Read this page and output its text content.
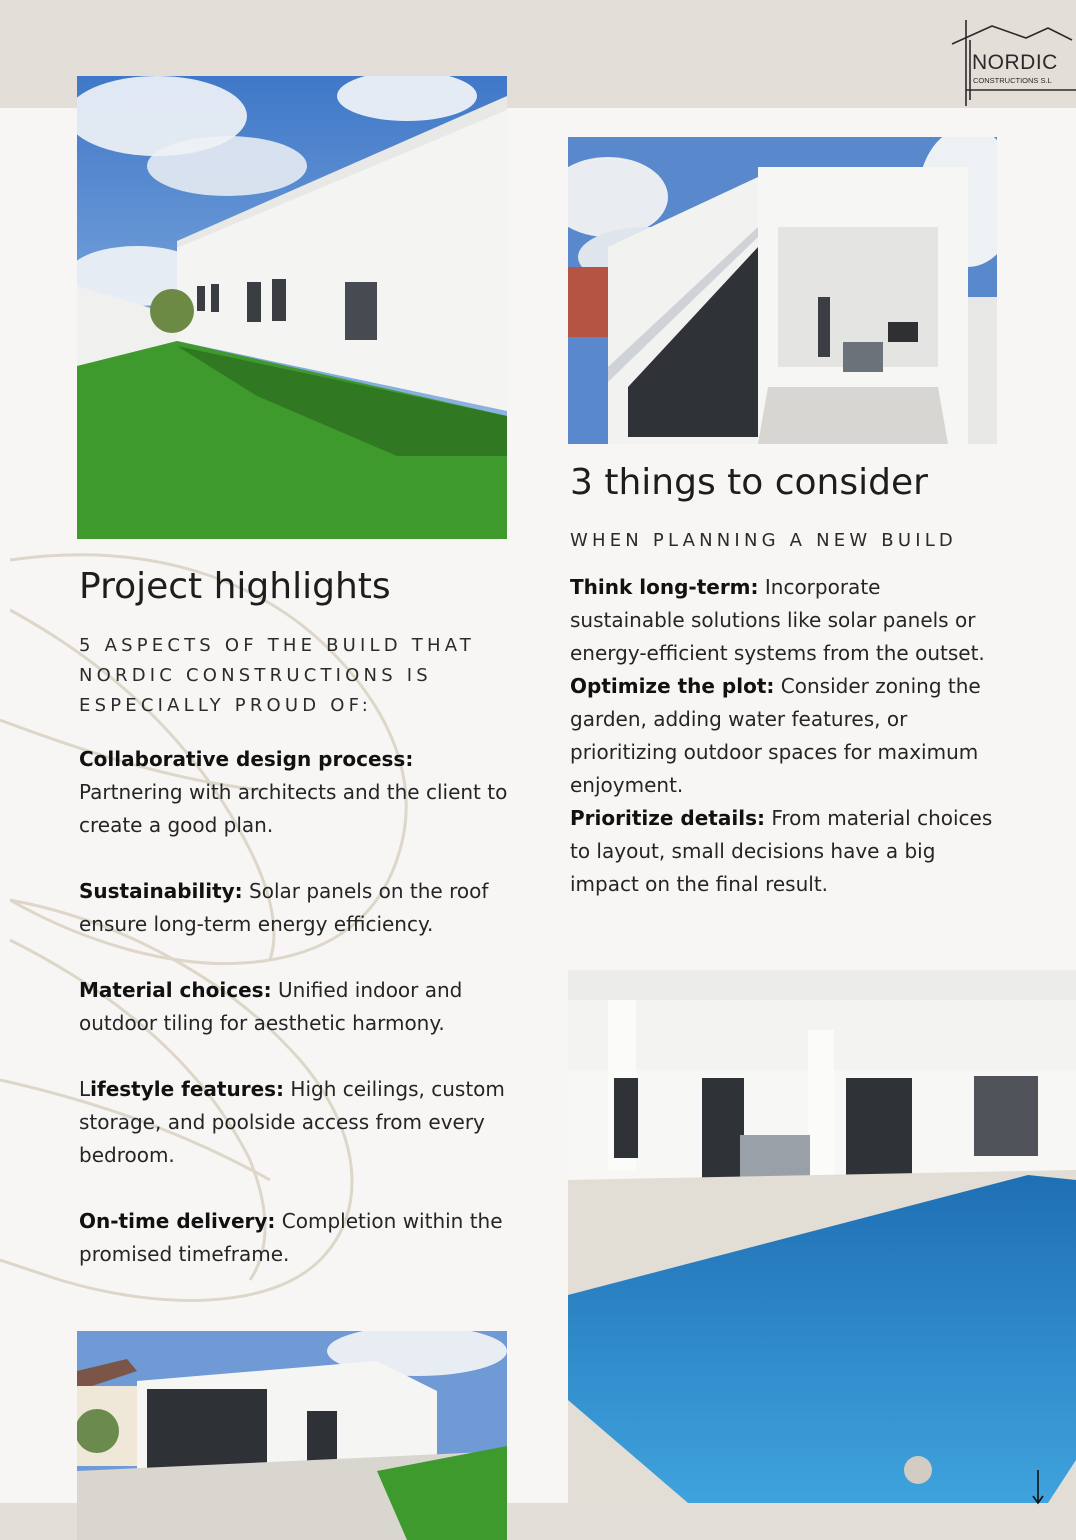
NORDIC
CONSTRUCTIONS S.L
Project highlights
5 ASPECTS OF THE BUILD THAT NORDIC CONSTRUCTIONS IS ESPECIALLY PROUD OF:

Collaborative design process:
Partnering with architects and the client to create a good plan.

Sustainability: Solar panels on the roof ensure long-term energy efficiency.

Material choices: Unified indoor and outdoor tiling for aesthetic harmony.

Lifestyle features: High ceilings, custom storage, and poolside access from every bedroom.

On-time delivery: Completion within the promised timeframe.

3 things to consider
WHEN PLANNING A NEW BUILD

Think long-term: Incorporate sustainable solutions like solar panels or energy-efficient systems from the outset.

Optimize the plot: Consider zoning the garden, adding water features, or prioritizing outdoor spaces for maximum enjoyment.

Prioritize details: From material choices to layout, small decisions have a big impact on the final result.
